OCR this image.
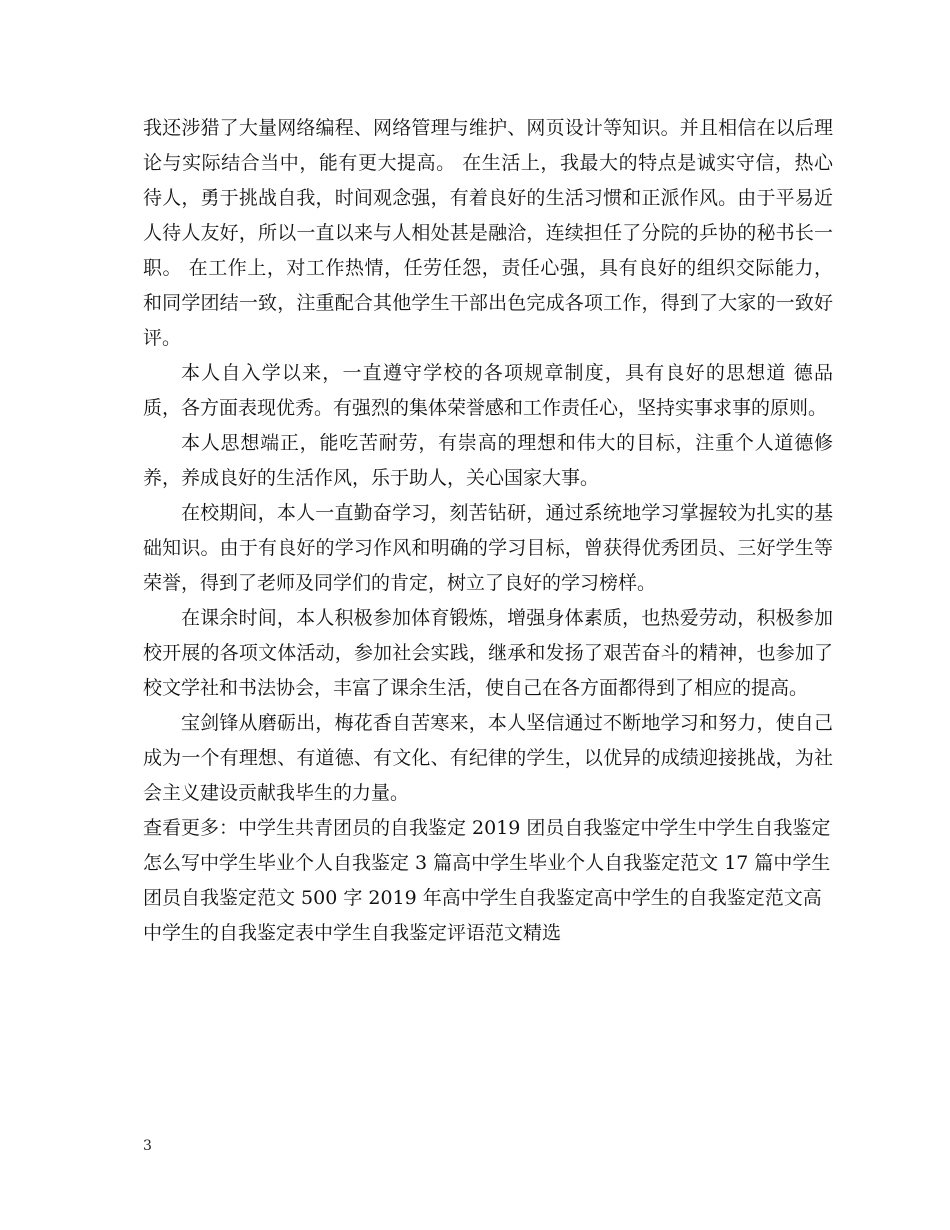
我还涉猎了大量网络编程、网络管理与维护、网页设计等知识。并且相信在以后理论与实际结合当中，能有更大提高。 在生活上，我最大的特点是诚实守信，热心待人，勇于挑战自我，时间观念强，有着良好的生活习惯和正派作风。由于平易近人待人友好，所以一直以来与人相处甚是融洽，连续担任了分院的乒协的秘书长一职。 在工作上，对工作热情，任劳任怨，责任心强，具有良好的组织交际能力，和同学团结一致，注重配合其他学生干部出色完成各项工作，得到了大家的一致好评。

本人自入学以来，一直遵守学校的各项规章制度，具有良好的思想道 德品质，各方面表现优秀。有强烈的集体荣誉感和工作责任心，坚持实事求事的原则。

本人思想端正，能吃苦耐劳，有崇高的理想和伟大的目标，注重个人道德修养，养成良好的生活作风，乐于助人，关心国家大事。

在校期间，本人一直勤奋学习，刻苦钻研，通过系统地学习掌握较为扎实的基础知识。由于有良好的学习作风和明确的学习目标，曾获得优秀团员、三好学生等荣誉，得到了老师及同学们的肯定，树立了良好的学习榜样。

在课余时间，本人积极参加体育锻炼，增强身体素质，也热爱劳动，积极参加校开展的各项文体活动，参加社会实践，继承和发扬了艰苦奋斗的精神，也参加了校文学社和书法协会，丰富了课余生活，使自己在各方面都得到了相应的提高。

宝剑锋从磨砺出，梅花香自苦寒来，本人坚信通过不断地学习和努力，使自己成为一个有理想、有道德、有文化、有纪律的学生，以优异的成绩迎接挑战，为社会主义建设贡献我毕生的力量。

查看更多：中学生共青团员的自我鉴定 2019 团员自我鉴定中学生中学生自我鉴定怎么写中学生毕业个人自我鉴定 3 篇高中学生毕业个人自我鉴定范文 17 篇中学生团员自我鉴定范文 500 字 2019 年高中学生自我鉴定高中学生的自我鉴定范文高中学生的自我鉴定表中学生自我鉴定评语范文精选

3
